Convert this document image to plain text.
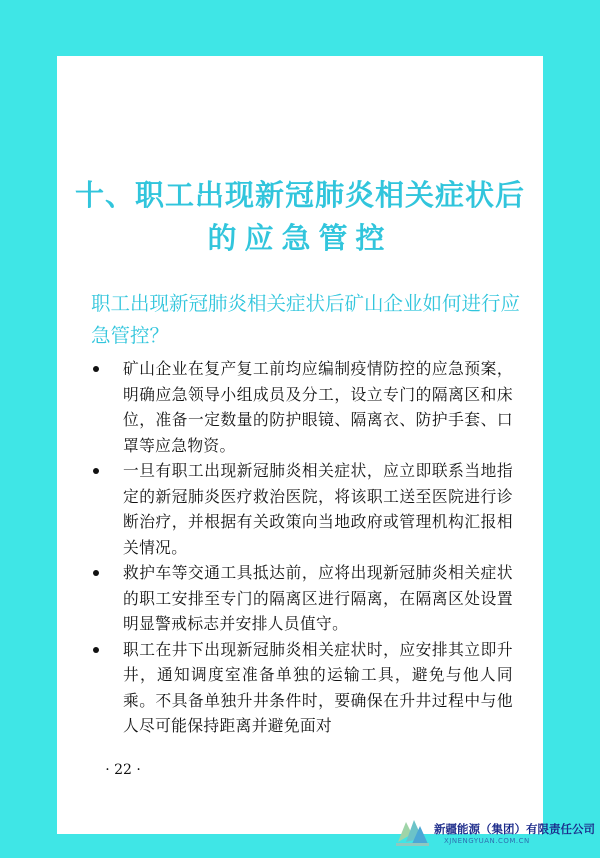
十、职工出现新冠肺炎相关症状后
的应急管控
职工出现新冠肺炎相关症状后矿山企业如何进行应急管控？
矿山企业在复产复工前均应编制疫情防控的应急预案，明确应急领导小组成员及分工，设立专门的隔离区和床位，准备一定数量的防护眼镜、隔离衣、防护手套、口罩等应急物资。
一旦有职工出现新冠肺炎相关症状，应立即联系当地指定的新冠肺炎医疗救治医院，将该职工送至医院进行诊断治疗，并根据有关政策向当地政府或管理机构汇报相关情况。
救护车等交通工具抵达前，应将出现新冠肺炎相关症状的职工安排至专门的隔离区进行隔离，在隔离区处设置明显警戒标志并安排人员值守。
职工在井下出现新冠肺炎相关症状时，应安排其立即升井，通知调度室准备单独的运输工具，避免与他人同乘。不具备单独升井条件时，要确保在升井过程中与他人尽可能保持距离并避免面对
· 22 ·
新疆能源（集团）有限责任公司
XJNENGYUAN.COM.CN
